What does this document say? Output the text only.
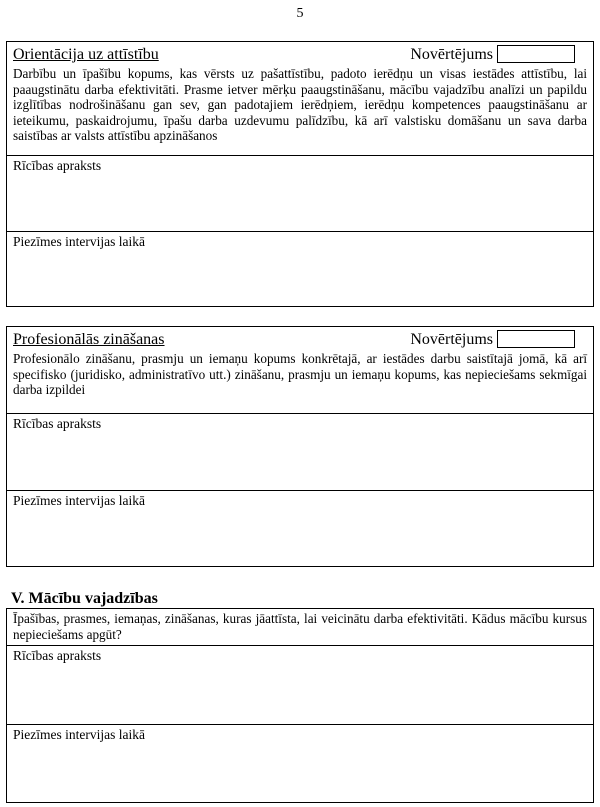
5
Orientācija uz attīstību	Novērtējums
Darbību un īpašību kopums, kas vērsts uz pašattīstību, padoto ierēdņu un visas iestādes attīstību, lai paaugstinātu darba efektivitāti. Prasme ietver mērķu paaugstināšanu, mācību vajadzību analīzi un papildu izglītības nodrošināšanu gan sev, gan padotajiem ierēdņiem, ierēdņu kompetences paaugstināšanu ar ieteikumu, paskaidrojumu, īpašu darba uzdevumu palīdzību, kā arī valstisku domāšanu un sava darba saistības ar valsts attīstību apzināšanos
Rīcības apraksts
Piezīmes intervijas laikā
Profesionālās zināšanas	Novērtējums
Profesionālo zināšanu, prasmju un iemaņu kopums konkrētajā, ar iestādes darbu saistītajā jomā, kā arī specifisko (juridisko, administratīvo utt.) zināšanu, prasmju un iemaņu kopums, kas nepieciešams sekmīgai darba izpildei
Rīcības apraksts
Piezīmes intervijas laikā
V. Mācību vajadzības
Īpašības, prasmes, iemaņas, zināšanas, kuras jāattīsta, lai veicinātu darba efektivitāti. Kādus mācību kursus nepieciešams apgūt?
Rīcības apraksts
Piezīmes intervijas laikā
